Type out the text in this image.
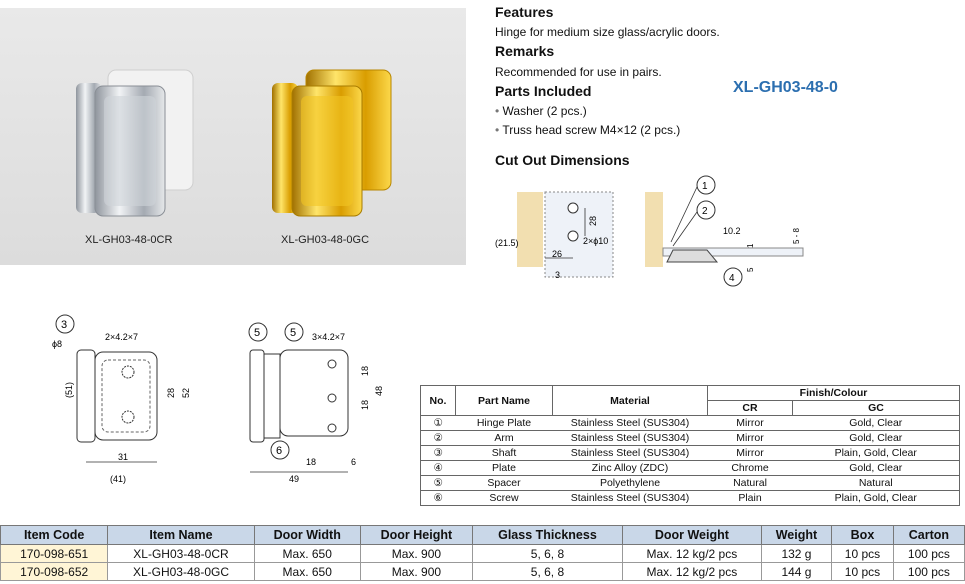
XL-GH03-48-0CR	XL-GH03-48-0GC
Features
Hinge for medium size glass/acrylic doors.
Remarks
Recommended for use in pairs.
Parts Included
• Washer (2 pcs.)
• Truss head screw M4×12 (2 pcs.)
XL-GH03-48-0
Cut Out Dimensions
28
2×ϕ10
(21.5)
26
3
1
2
4
10.2
1
5
5 - 8
3
ϕ8
2×4.2×7
(51)	28 52
31
(41)
5	5 3×4.2×7
18
18
48
6
18	6
49
No.	Part Name	Material	Finish/Colour	
			CR	GC
①	Hinge Plate	Stainless Steel (SUS304)	Mirror	Gold, Clear
②	Arm	Stainless Steel (SUS304)	Mirror	Gold, Clear
③	Shaft	Stainless Steel (SUS304)	Mirror	Plain, Gold, Clear
④	Plate	Zinc Alloy (ZDC)	Chrome	Gold, Clear
⑤	Spacer	Polyethylene	Natural	Natural
⑥	Screw	Stainless Steel (SUS304)	Plain	Plain, Gold, Clear
Item Code	Item Name	Door Width	Door Height	Glass Thickness	Door Weight	Weight	Box	Carton
170-098-651	XL-GH03-48-0CR	Max. 650	Max. 900	5, 6, 8	Max. 12 kg/2 pcs	132 g	10 pcs	100 pcs
170-098-652	XL-GH03-48-0GC	Max. 650	Max. 900	5, 6, 8	Max. 12 kg/2 pcs	144 g	10 pcs	100 pcs
